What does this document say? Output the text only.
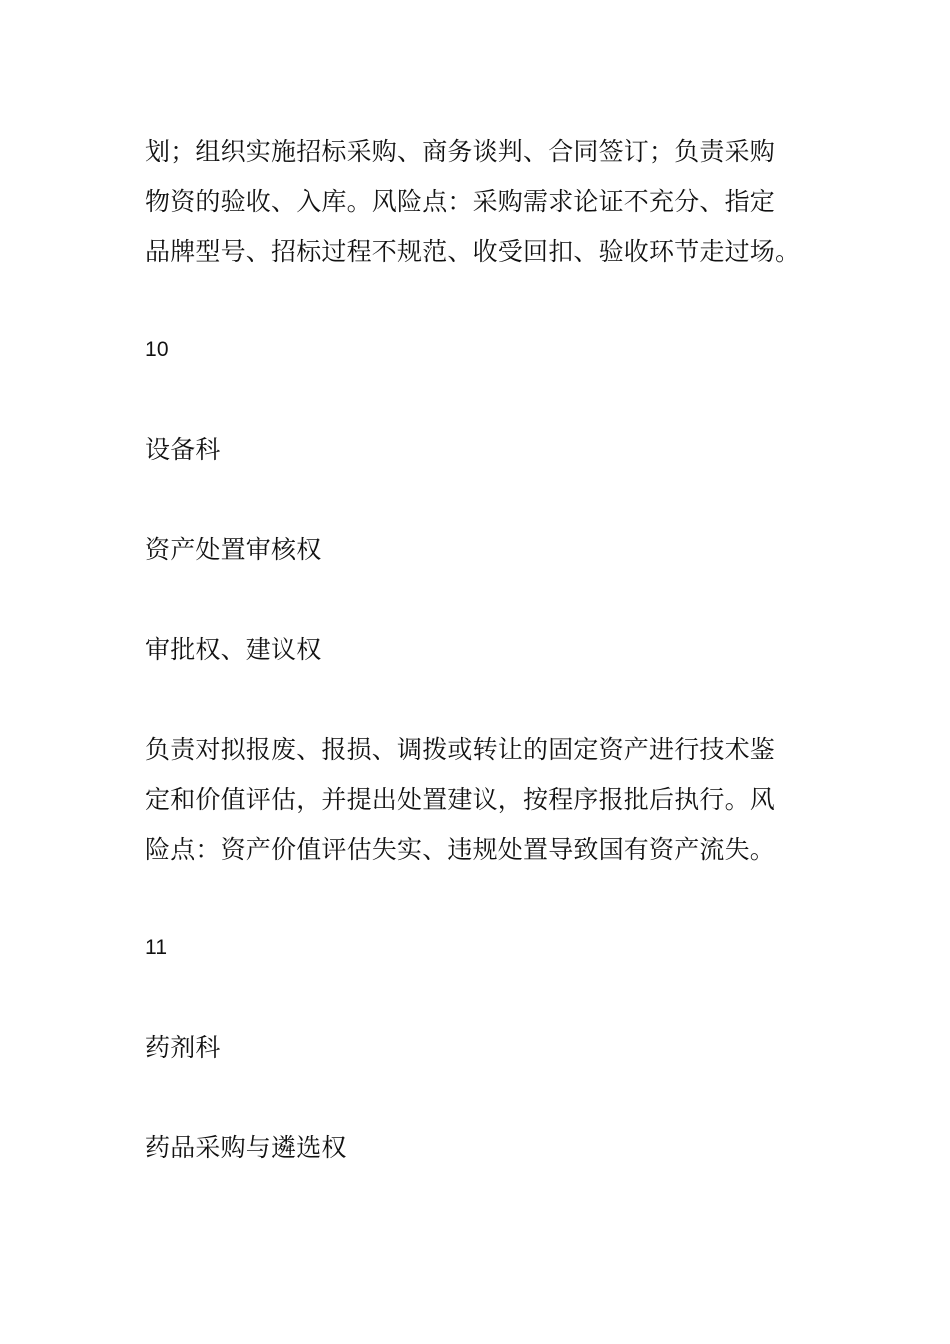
划；组织实施招标采购、商务谈判、合同签订；负责采购
物资的验收、入库。风险点：采购需求论证不充分、指定
品牌型号、招标过程不规范、收受回扣、验收环节走过场。
10
设备科
资产处置审核权
审批权、建议权
负责对拟报废、报损、调拨或转让的固定资产进行技术鉴
定和价值评估，并提出处置建议，按程序报批后执行。风
险点：资产价值评估失实、违规处置导致国有资产流失。
11
药剂科
药品采购与遴选权
